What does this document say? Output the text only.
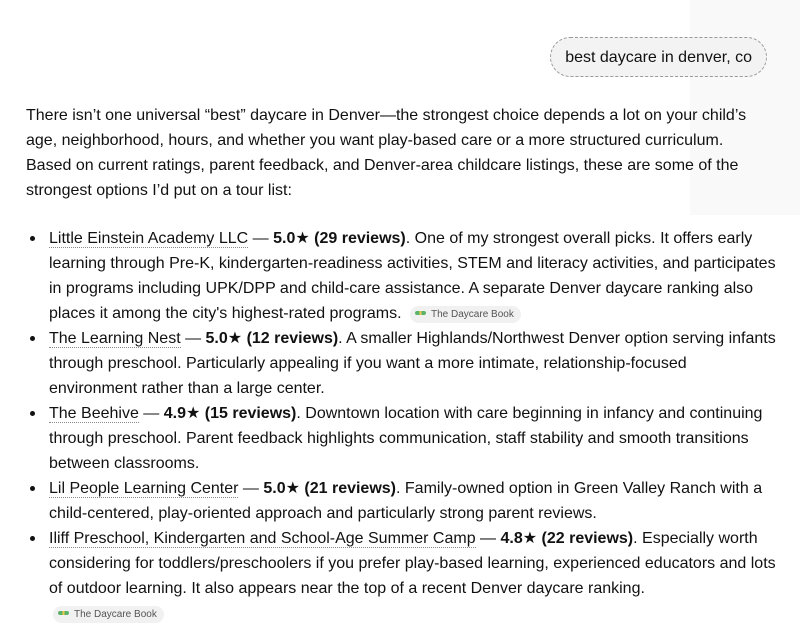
best daycare in denver, co

There isn’t one universal “best” daycare in Denver—the strongest choice depends a lot on your child’s age, neighborhood, hours, and whether you want play-based care or a more structured curriculum. Based on current ratings, parent feedback, and Denver-area childcare listings, these are some of the strongest options I’d put on a tour list:

Little Einstein Academy LLC — 5.0★ (29 reviews). One of my strongest overall picks. It offers early learning through Pre-K, kindergarten-readiness activities, STEM and literacy activities, and participates in programs including UPK/DPP and child-care assistance. A separate Denver daycare ranking also places it among the city's highest-rated programs.	The Daycare Book
The Learning Nest — 5.0★ (12 reviews). A smaller Highlands/Northwest Denver option serving infants through preschool. Particularly appealing if you want a more intimate, relationship-focused environment rather than a large center.
The Beehive — 4.9★ (15 reviews). Downtown location with care beginning in infancy and continuing through preschool. Parent feedback highlights communication, staff stability and smooth transitions between classrooms.
Lil People Learning Center — 5.0★ (21 reviews). Family-owned option in Green Valley Ranch with a child-centered, play-oriented approach and particularly strong parent reviews.
Iliff Preschool, Kindergarten and School-Age Summer Camp — 4.8★ (22 reviews). Especially worth considering for toddlers/preschoolers if you prefer play-based learning, experienced educators and lots of outdoor learning. It also appears near the top of a recent Denver daycare ranking.
The Daycare Book
